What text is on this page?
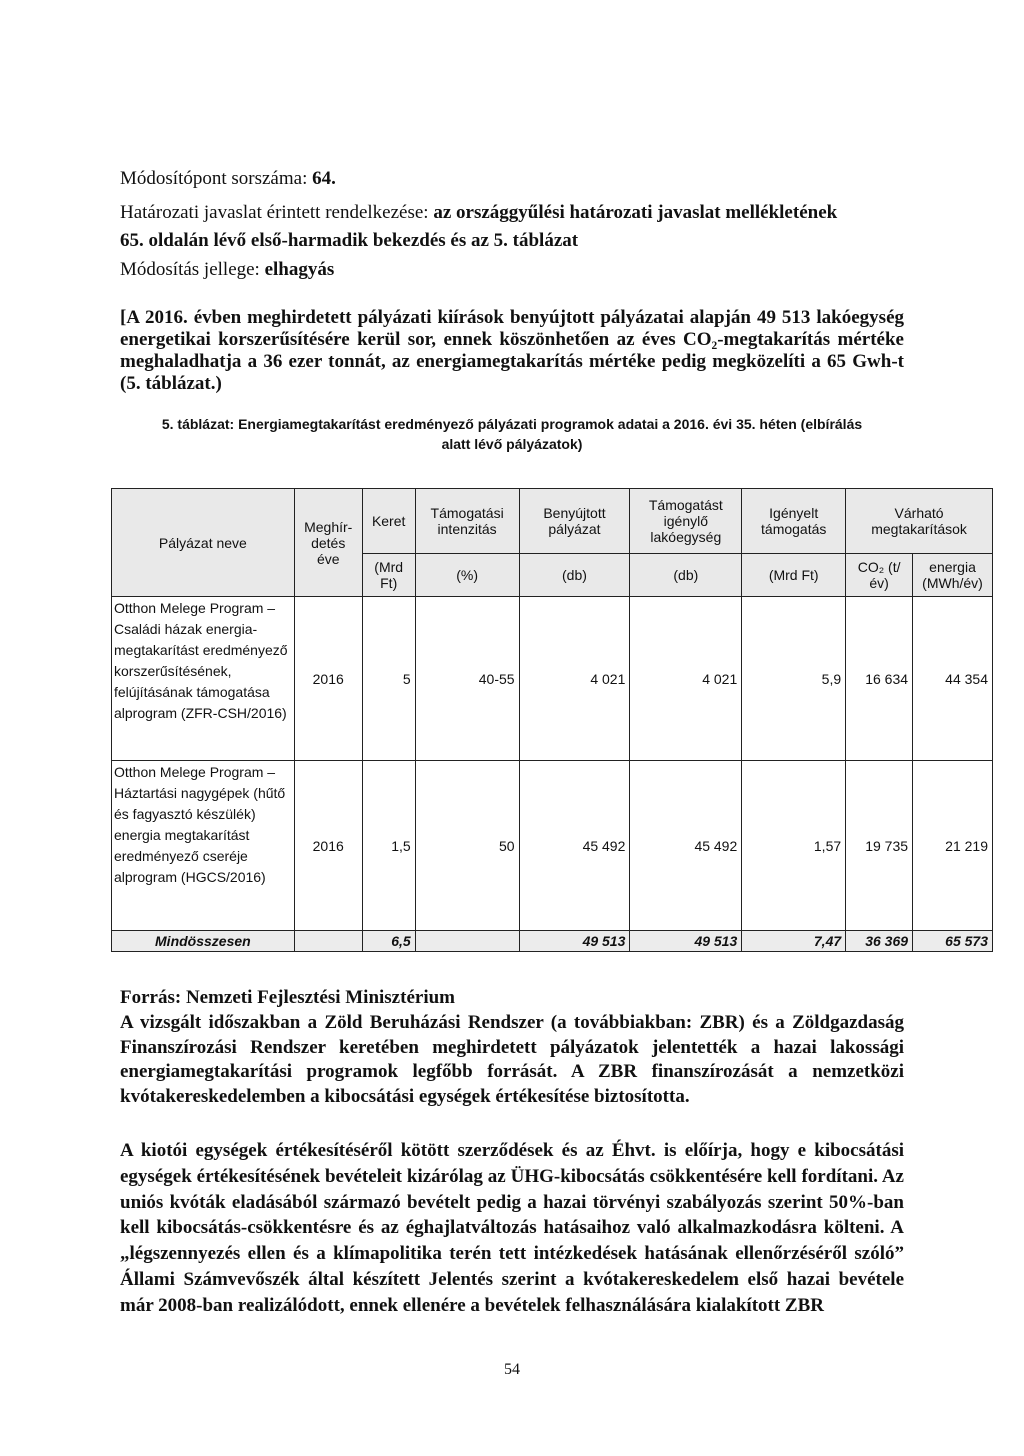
Módosítópont sorszáma: 64.
Határozati javaslat érintett rendelkezése: az országgyűlési határozati javaslat mellékletének
65. oldalán lévő első-harmadik bekezdés és az 5. táblázat
Módosítás jellege: elhagyás
[A 2016. évben meghirdetett pályázati kiírások benyújtott pályázatai alapján 49 513 lakóegység energetikai korszerűsítésére kerül sor, ennek köszönhetően az éves CO₂-megtakarítás mértéke meghaladhatja a 36 ezer tonnát, az energiamegtakarítás mértéke pedig megközelíti a 65 Gwh-t (5. táblázat.)
5. táblázat: Energiamegtakarítást eredményező pályázati programok adatai a 2016. évi 35. héten (elbírálás
alatt lévő pályázatok)
Pályázat neve	Meghír-detés éve	Keret	Támogatási intenzitás	Benyújtott pályázat	Támogatást igénylő lakóegység	Igényelt támogatás	Várható megtakarítások	
		(Mrd Ft)	(%)	(db)	(db)	(Mrd Ft)	CO₂ (t/év)	energia (MWh/év)
Otthon Melege Program – Családi házak energia-megtakarítást eredményező korszerűsítésének, felújításának támogatása alprogram (ZFR-CSH/2016)	2016	5	40-55	4 021	4 021	5,9	16 634	44 354
Otthon Melege Program – Háztartási nagygépek (hűtő és fagyasztó készülék) energia megtakarítást eredményező cseréje alprogram (HGCS/2016)	2016	1,5	50	45 492	45 492	1,57	19 735	21 219
Mindösszesen		6,5		49 513	49 513	7,47	36 369	65 573
Forrás: Nemzeti Fejlesztési Minisztérium
A vizsgált időszakban a Zöld Beruházási Rendszer (a továbbiakban: ZBR) és a Zöldgazdaság Finanszírozási Rendszer keretében meghirdetett pályázatok jelentették a hazai lakossági energiamegtakarítási programok legfőbb forrását. A ZBR finanszírozását a nemzetközi kvótakereskedelemben a kibocsátási egységek értékesítése biztosította.
A kiotói egységek értékesítéséről kötött szerződések és az Éhvt. is előírja, hogy e kibocsátási egységek értékesítésének bevételeit kizárólag az ÜHG-kibocsátás csökkentésére kell fordítani. Az uniós kvóták eladásából származó bevételt pedig a hazai törvényi szabályozás szerint 50%-ban kell kibocsátás-csökkentésre és az éghajlatváltozás hatásaihoz való alkalmazkodásra költeni. A „légszennyezés ellen és a klímapolitika terén tett intézkedések hatásának ellenőrzéséről szóló” Állami Számvevőszék által készített Jelentés szerint a kvótakereskedelem első hazai bevétele már 2008-ban realizálódott, ennek ellenére a bevételek felhasználására kialakított ZBR
54
